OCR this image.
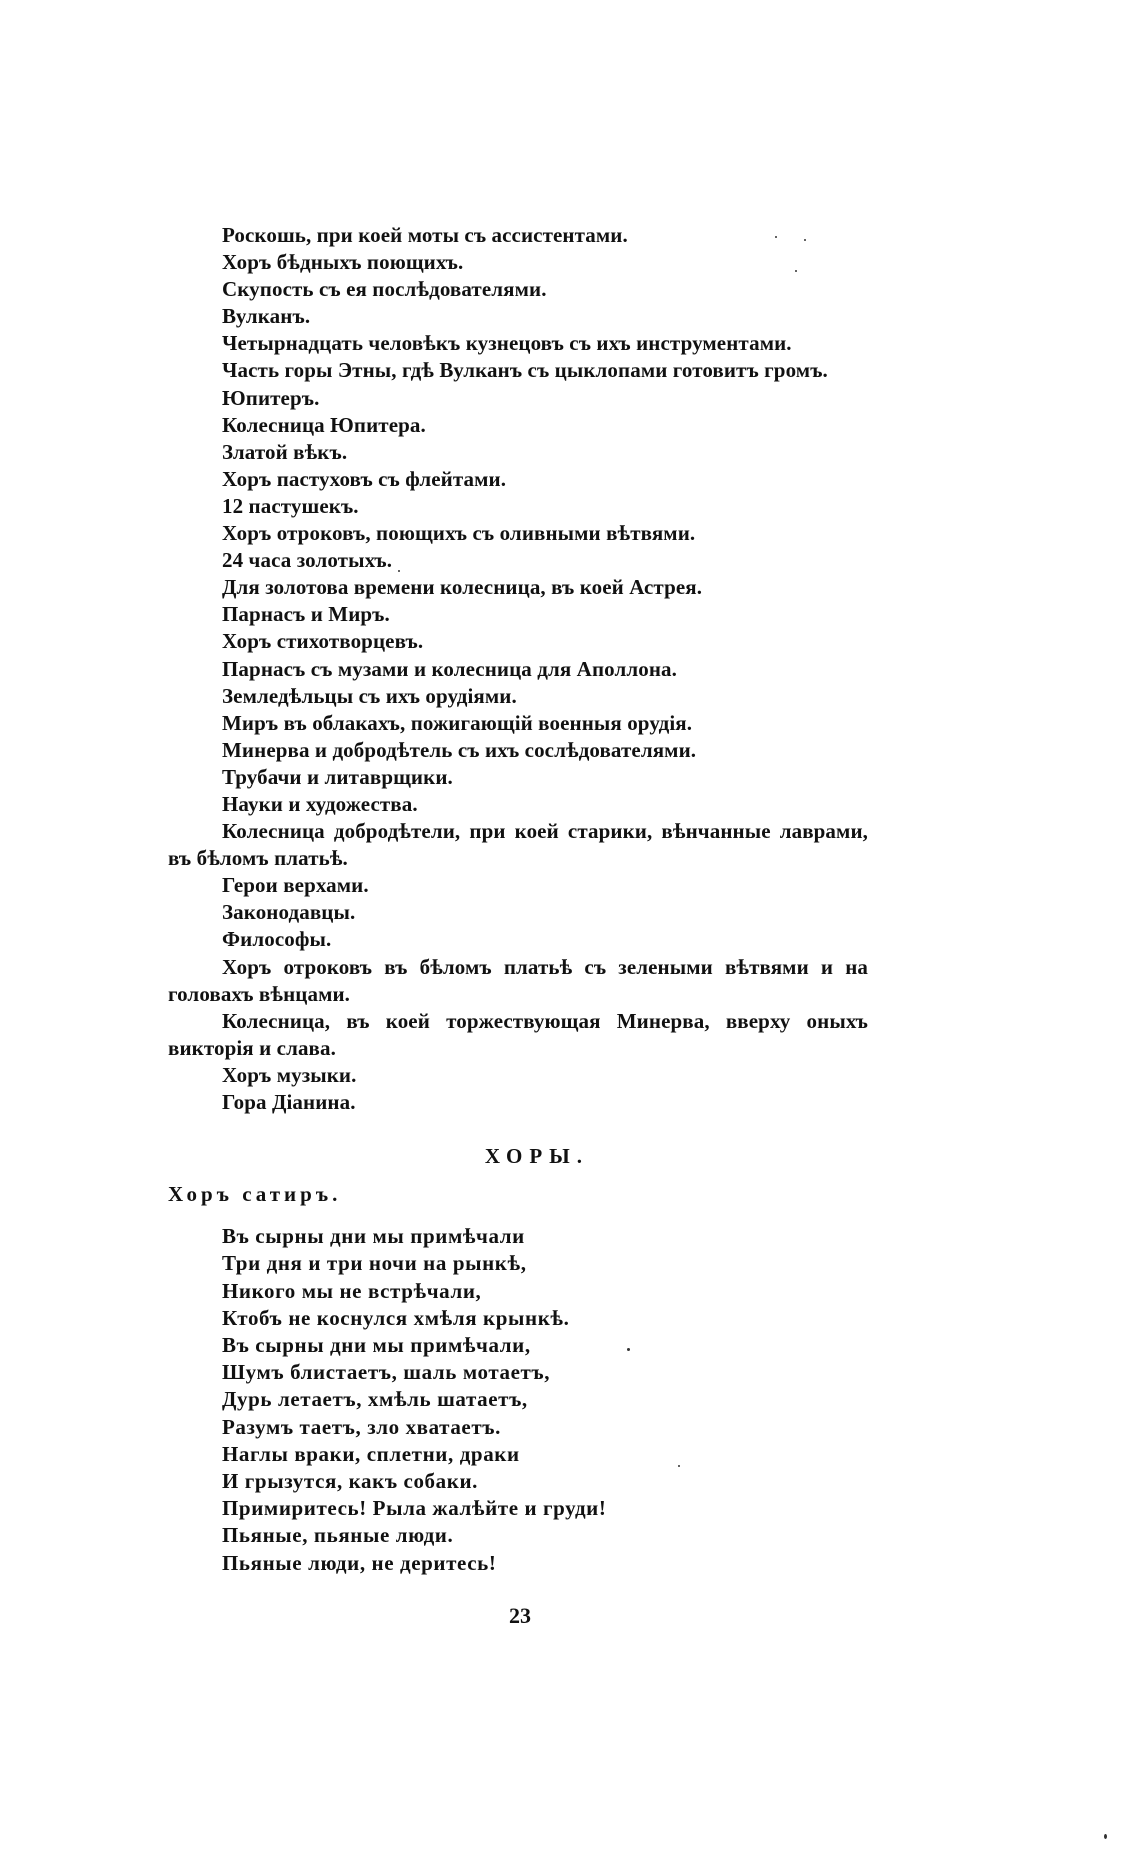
Роскошь, при коей моты съ ассистентами.
Хоръ бѣдныхъ поющихъ.
Скупость съ ея послѣдователями.
Вулканъ.
Четырнадцать человѣкъ кузнецовъ съ ихъ инструментами.
Часть горы Этны, гдѣ Вулканъ съ цыклопами готовитъ громъ.
Юпитеръ.
Колесница Юпитера.
Златой вѣкъ.
Хоръ пастуховъ съ флейтами.
12 пастушекъ.
Хоръ отроковъ, поющихъ съ оливными вѣтвями.
24 часа золотыхъ.
Для золотова времени колесница, въ коей Астрея.
Парнасъ и Миръ.
Хоръ стихотворцевъ.
Парнасъ съ музами и колесница для Аполлона.
Земледѣльцы съ ихъ орудіями.
Миръ въ облакахъ, пожигающій военныя орудія.
Минерва и добродѣтель съ ихъ сослѣдователями.
Трубачи и литаврщики.
Науки и художества.
Колесница добродѣтели, при коей старики, вѣнчанные лаврами, въ бѣломъ платьѣ.
Герои верхами.
Законодавцы.
Философы.
Хоръ отроковъ въ бѣломъ платьѣ съ зелеными вѣтвями и на головахъ вѣнцами.
Колесница, въ коей торжествующая Минерва, вверху оныхъ викторія и слава.
Хоръ музыки.
Гора Діанина.
ХОРЫ.
Хоръ сатиръ.
Въ сырны дни мы примѣчали
Три дня и три ночи на рынкѣ,
Никого мы не встрѣчали,
Ктобъ не коснулся хмѣля крынкѣ.
Въ сырны дни мы примѣчали,
Шумъ блистаетъ, шаль мотаетъ,
Дурь летаетъ, хмѣль шатаетъ,
Разумъ таетъ, зло хватаетъ.
Наглы враки, сплетни, драки
И грызутся, какъ собаки.
Примиритесь! Рыла жалѣйте и груди!
Пьяные, пьяные люди.
Пьяные люди, не деритесь!
23
